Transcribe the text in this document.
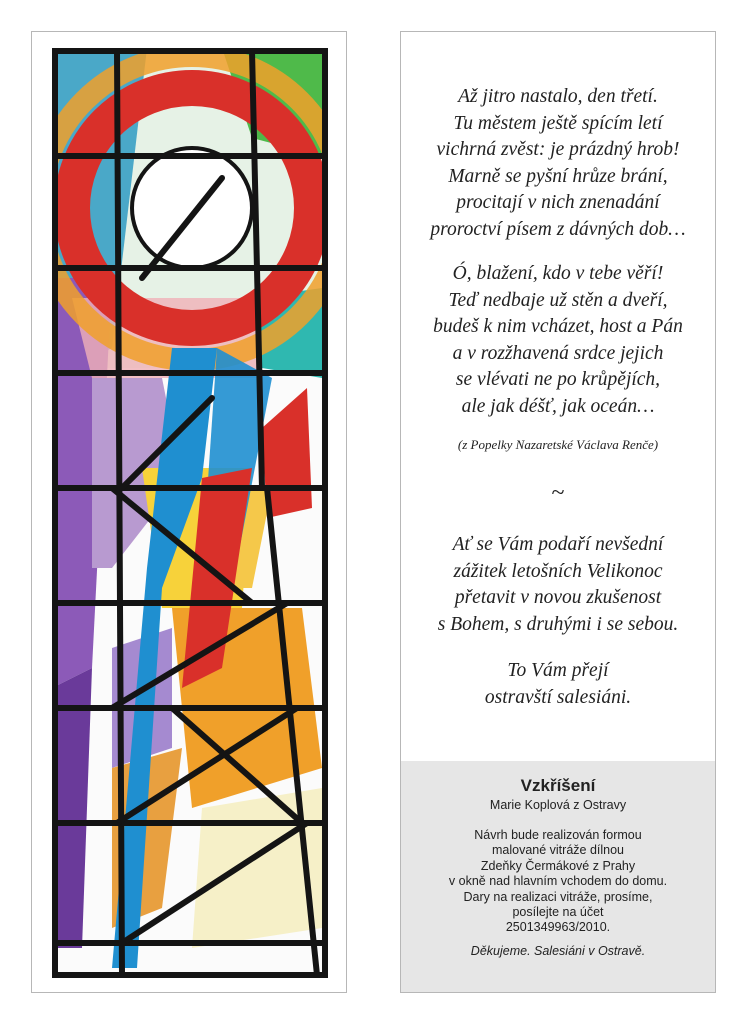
Až jitro nastalo, den třetí.
Tu městem ještě spícím letí
vichrná zvěst: je prázdný hrob!
Marně se pyšní hrůze brání,
procitají v nich znenadání
proroctví písem z dávných dob…
Ó, blažení, kdo v tebe věří!
Teď nedbaje už stěn a dveří,
budeš k nim vcházet, host a Pán
a v rozžhavená srdce jejich
se vlévati ne po krůpějích,
ale jak déšť, jak oceán…
(z Popelky Nazaretské Václava Renče)
~
Ať se Vám podaří nevšední
zážitek letošních Velikonoc
přetavit v novou zkušenost
s Bohem, s druhými i se sebou.
To Vám přejí
ostravští salesiáni.
Vzkříšení
Marie Koplová z Ostravy
Návrh bude realizován formou
malované vitráže dílnou
Zdeňky Čermákové z Prahy
v okně nad hlavním vchodem do domu.
Dary na realizaci vitráže, prosíme,
posílejte na účet
2501349963/2010.
Děkujeme. Salesiáni v Ostravě.
